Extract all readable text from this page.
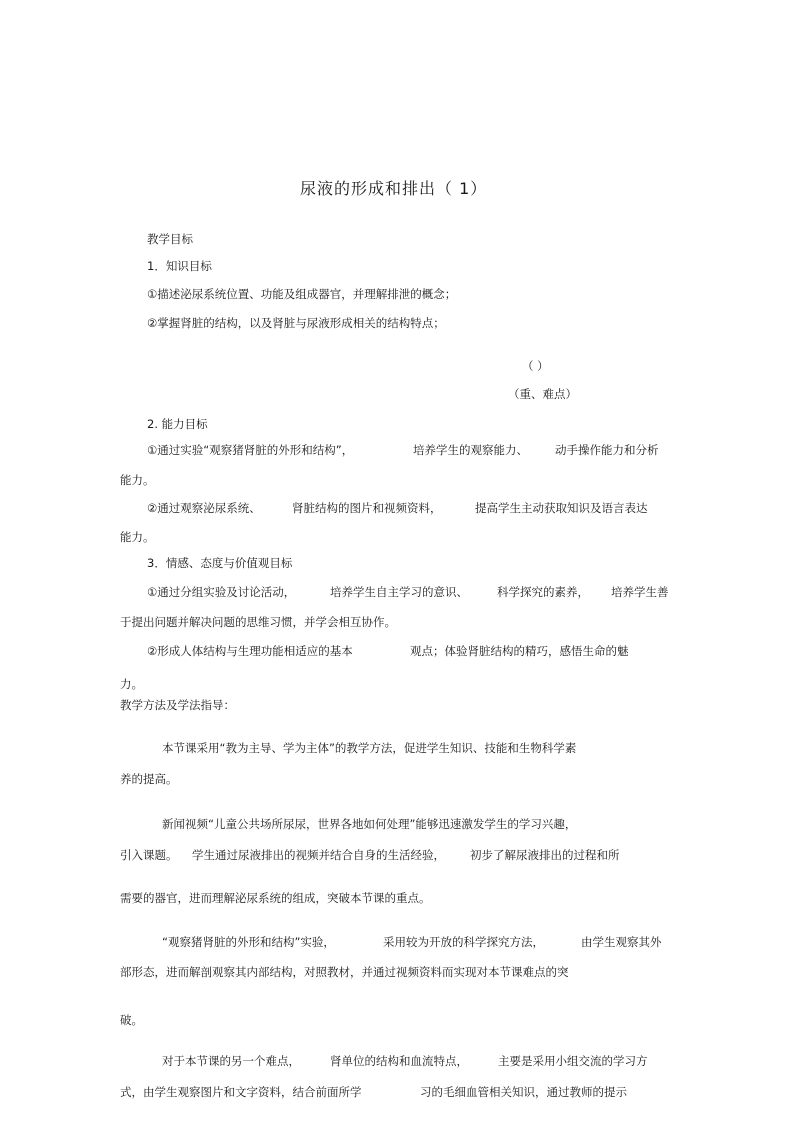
尿液的形成和排出（ 1）
教学目标
1．知识目标
①描述泌尿系统位置、功能及组成器官，并理解排泄的概念；
②掌握肾脏的结构，以及肾脏与尿液形成相关的结构特点；
（ ）
（重、难点）
2. 能力目标
①通过实验“观察猪肾脏的外形和结构”，	培养学生的观察能力、 动手操作能力和分析
能力。
②通过观察泌尿系统、	肾脏结构的图片和视频资料，	提高学生主动获取知识及语言表达
能力。
3．情感、态度与价值观目标
①通过分组实验及讨论活动，	培养学生自主学习的意识、	科学探究的素养， 培养学生善
于提出问题并解决问题的思维习惯，并学会相互协作。
②形成人体结构与生理功能相适应的基本	观点；体验肾脏结构的精巧，感悟生命的魅
力。
教学方法及学法指导：
本节课采用“教为主导、学为主体”的教学方法，促进学生知识、技能和生物科学素
养的提高。
新闻视频“儿童公共场所尿尿，世界各地如何处理”能够迅速激发学生的学习兴趣，
引入课题。 学生通过尿液排出的视频并结合自身的生活经验， 初步了解尿液排出的过程和所
需要的器官，进而理解泌尿系统的组成，突破本节课的重点。
“观察猪肾脏的外形和结构”实验，	采用较为开放的科学探究方法，	由学生观察其外
部形态，进而解剖观察其内部结构，对照教材，并通过视频资料而实现对本节课难点的突
破。
对于本节课的另一个难点，	肾单位的结构和血流特点，	主要是采用小组交流的学习方
式，由学生观察图片和文字资料，结合前面所学	习的毛细血管相关知识，通过教师的提示
